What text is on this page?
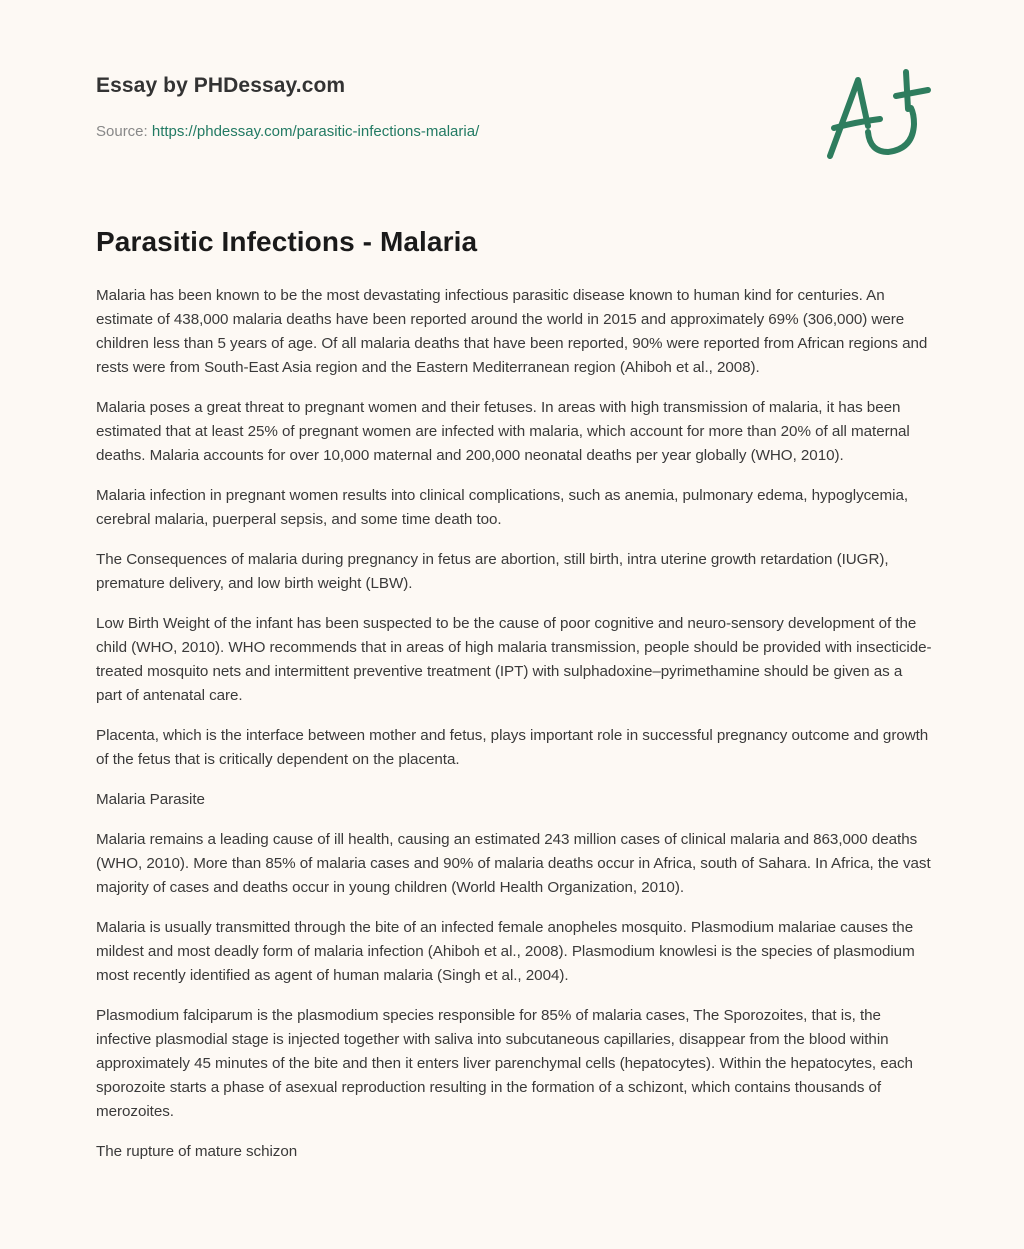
Essay by PHDessay.com
Source: https://phdessay.com/parasitic-infections-malaria/
Parasitic Infections - Malaria

Malaria has been known to be the most devastating infectious parasitic disease known to human kind for centuries. An estimate of 438,000 malaria deaths have been reported around the world in 2015 and approximately 69% (306,000) were children less than 5 years of age. Of all malaria deaths that have been reported, 90% were reported from African regions and rests were from South-East Asia region and the Eastern Mediterranean region (Ahiboh et al., 2008).

Malaria poses a great threat to pregnant women and their fetuses. In areas with high transmission of malaria, it has been estimated that at least 25% of pregnant women are infected with malaria, which account for more than 20% of all maternal deaths. Malaria accounts for over 10,000 maternal and 200,000 neonatal deaths per year globally (WHO, 2010).

Malaria infection in pregnant women results into clinical complications, such as anemia, pulmonary edema, hypoglycemia, cerebral malaria, puerperal sepsis, and some time death too.

The Consequences of malaria during pregnancy in fetus are abortion, still birth, intra uterine growth retardation (IUGR), premature delivery, and low birth weight (LBW).

Low Birth Weight of the infant has been suspected to be the cause of poor cognitive and neuro-sensory development of the child (WHO, 2010). WHO recommends that in areas of high malaria transmission, people should be provided with insecticide-treated mosquito nets and intermittent preventive treatment (IPT) with sulphadoxine–pyrimethamine should be given as a part of antenatal care.

Placenta, which is the interface between mother and fetus, plays important role in successful pregnancy outcome and growth of the fetus that is critically dependent on the placenta.

Malaria Parasite

Malaria remains a leading cause of ill health, causing an estimated 243 million cases of clinical malaria and 863,000 deaths (WHO, 2010). More than 85% of malaria cases and 90% of malaria deaths occur in Africa, south of Sahara. In Africa, the vast majority of cases and deaths occur in young children (World Health Organization, 2010).

Malaria is usually transmitted through the bite of an infected female anopheles mosquito. Plasmodium malariae causes the mildest and most deadly form of malaria infection (Ahiboh et al., 2008). Plasmodium knowlesi is the species of plasmodium most recently identified as agent of human malaria (Singh et al., 2004).

Plasmodium falciparum is the plasmodium species responsible for 85% of malaria cases, The Sporozoites, that is, the infective plasmodial stage is injected together with saliva into subcutaneous capillaries, disappear from the blood within approximately 45 minutes of the bite and then it enters liver parenchymal cells (hepatocytes). Within the hepatocytes, each sporozoite starts a phase of asexual reproduction resulting in the formation of a schizont, which contains thousands of merozoites.

The rupture of mature schizon
